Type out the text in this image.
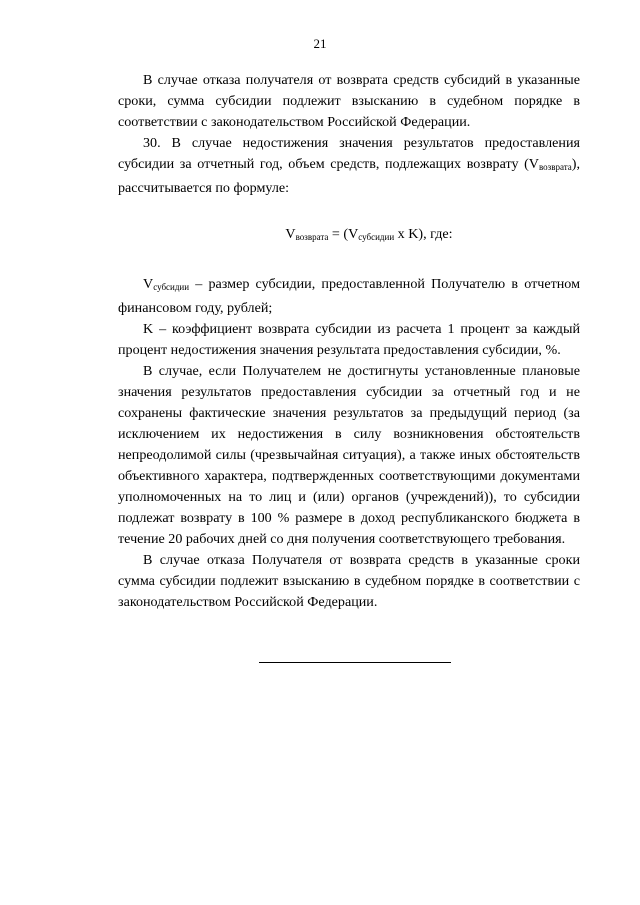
21

В случае отказа получателя от возврата средств субсидий в указанные сроки, сумма субсидии подлежит взысканию в судебном порядке в соответствии с законодательством Российской Федерации.

30. В случае недостижения значения результатов предоставления субсидии за отчетный год, объем средств, подлежащих возврату $(V_{возврата})$, рассчитывается по формуле:

$V_{возврата} = (V_{субсидии}$ x K), где:

$V_{субсидии}$ – размер субсидии, предоставленной Получателю в отчетном финансовом году, рублей;

K – коэффициент возврата субсидии из расчета 1 процент за каждый процент недостижения значения результата предоставления субсидии, %.

В случае, если Получателем не достигнуты установленные плановые значения результатов предоставления субсидии за отчетный год и не сохранены фактические значения результатов за предыдущий период (за исключением их недостижения в силу возникновения обстоятельств непреодолимой силы (чрезвычайная ситуация), а также иных обстоятельств объективного характера, подтвержденных соответствующими документами уполномоченных на то лиц и (или) органов (учреждений)), то субсидии подлежат возврату в 100 % размере в доход республиканского бюджета в течение 20 рабочих дней со дня получения соответствующего требования.

В случае отказа Получателя от возврата средств в указанные сроки сумма субсидии подлежит взысканию в судебном порядке в соответствии с законодательством Российской Федерации.
